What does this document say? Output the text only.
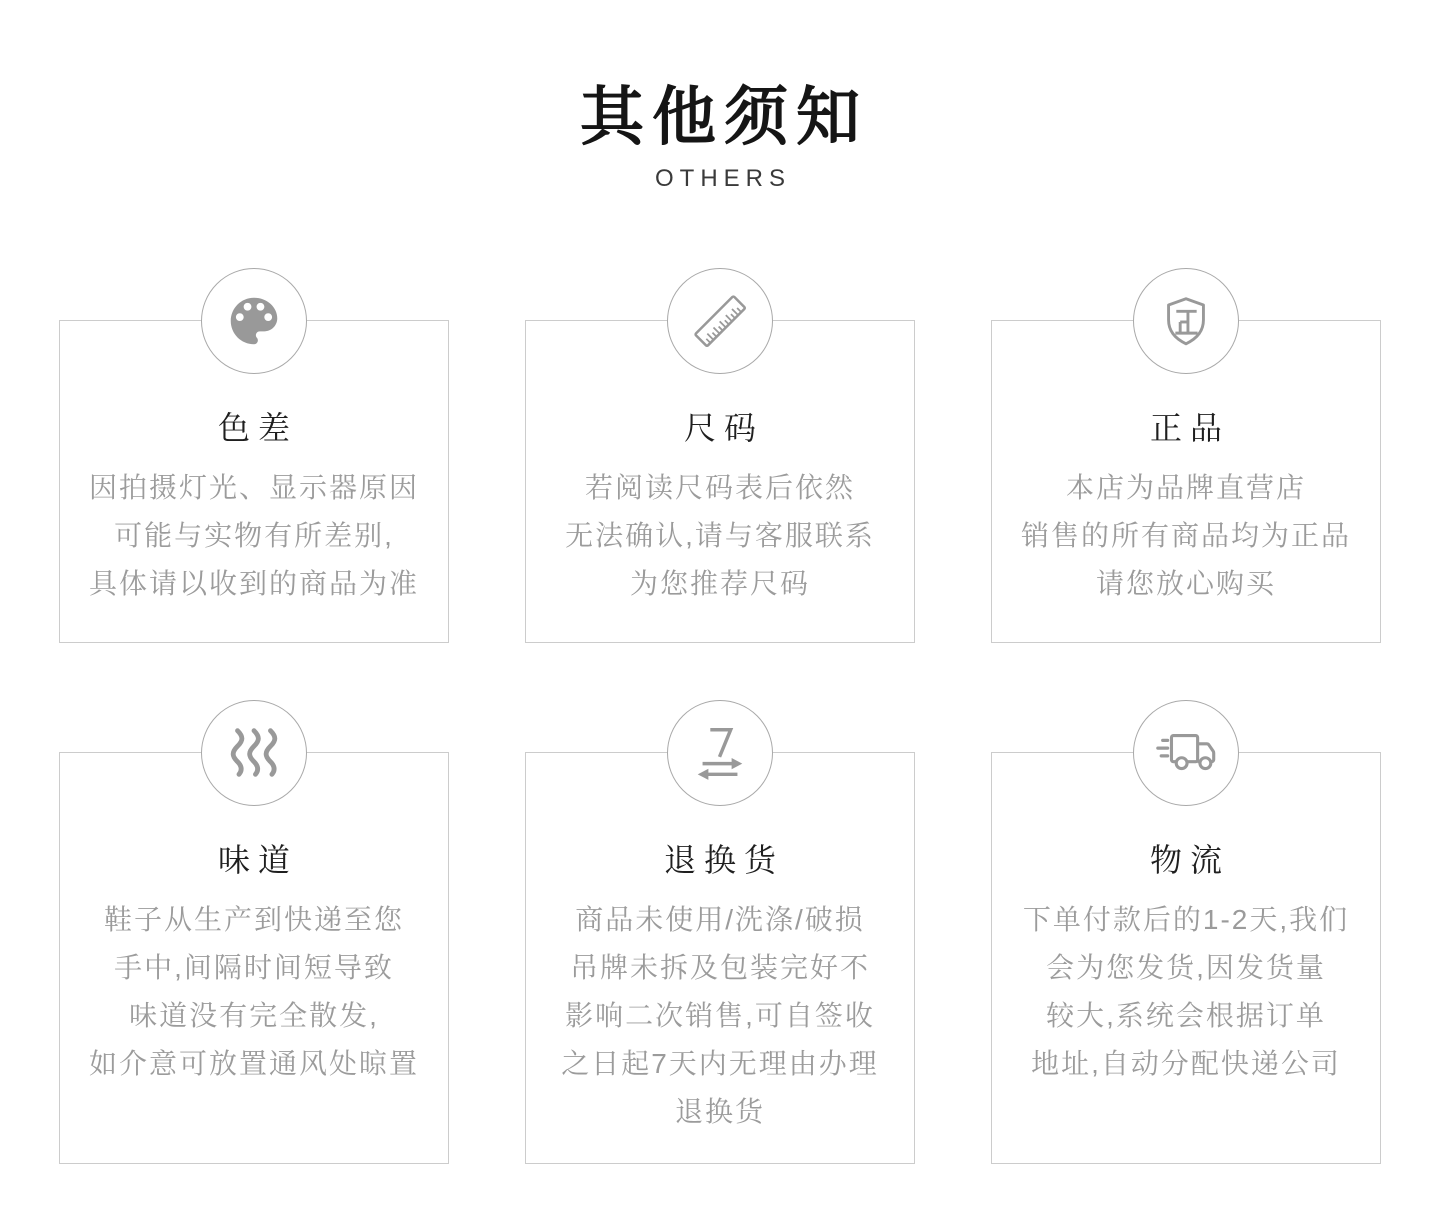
其他须知
OTHERS
色差
因拍摄灯光、显示器原因
可能与实物有所差别,
具体请以收到的商品为准
尺码
若阅读尺码表后依然
无法确认,请与客服联系
为您推荐尺码
正品
本店为品牌直营店
销售的所有商品均为正品
请您放心购买
味道
鞋子从生产到快递至您
手中,间隔时间短导致
味道没有完全散发,
如介意可放置通风处晾置
退换货
商品未使用/洗涤/破损
吊牌未拆及包装完好不
影响二次销售,可自签收
之日起7天内无理由办理
退换货
物流
下单付款后的1-2天,我们
会为您发货,因发货量
较大,系统会根据订单
地址,自动分配快递公司
